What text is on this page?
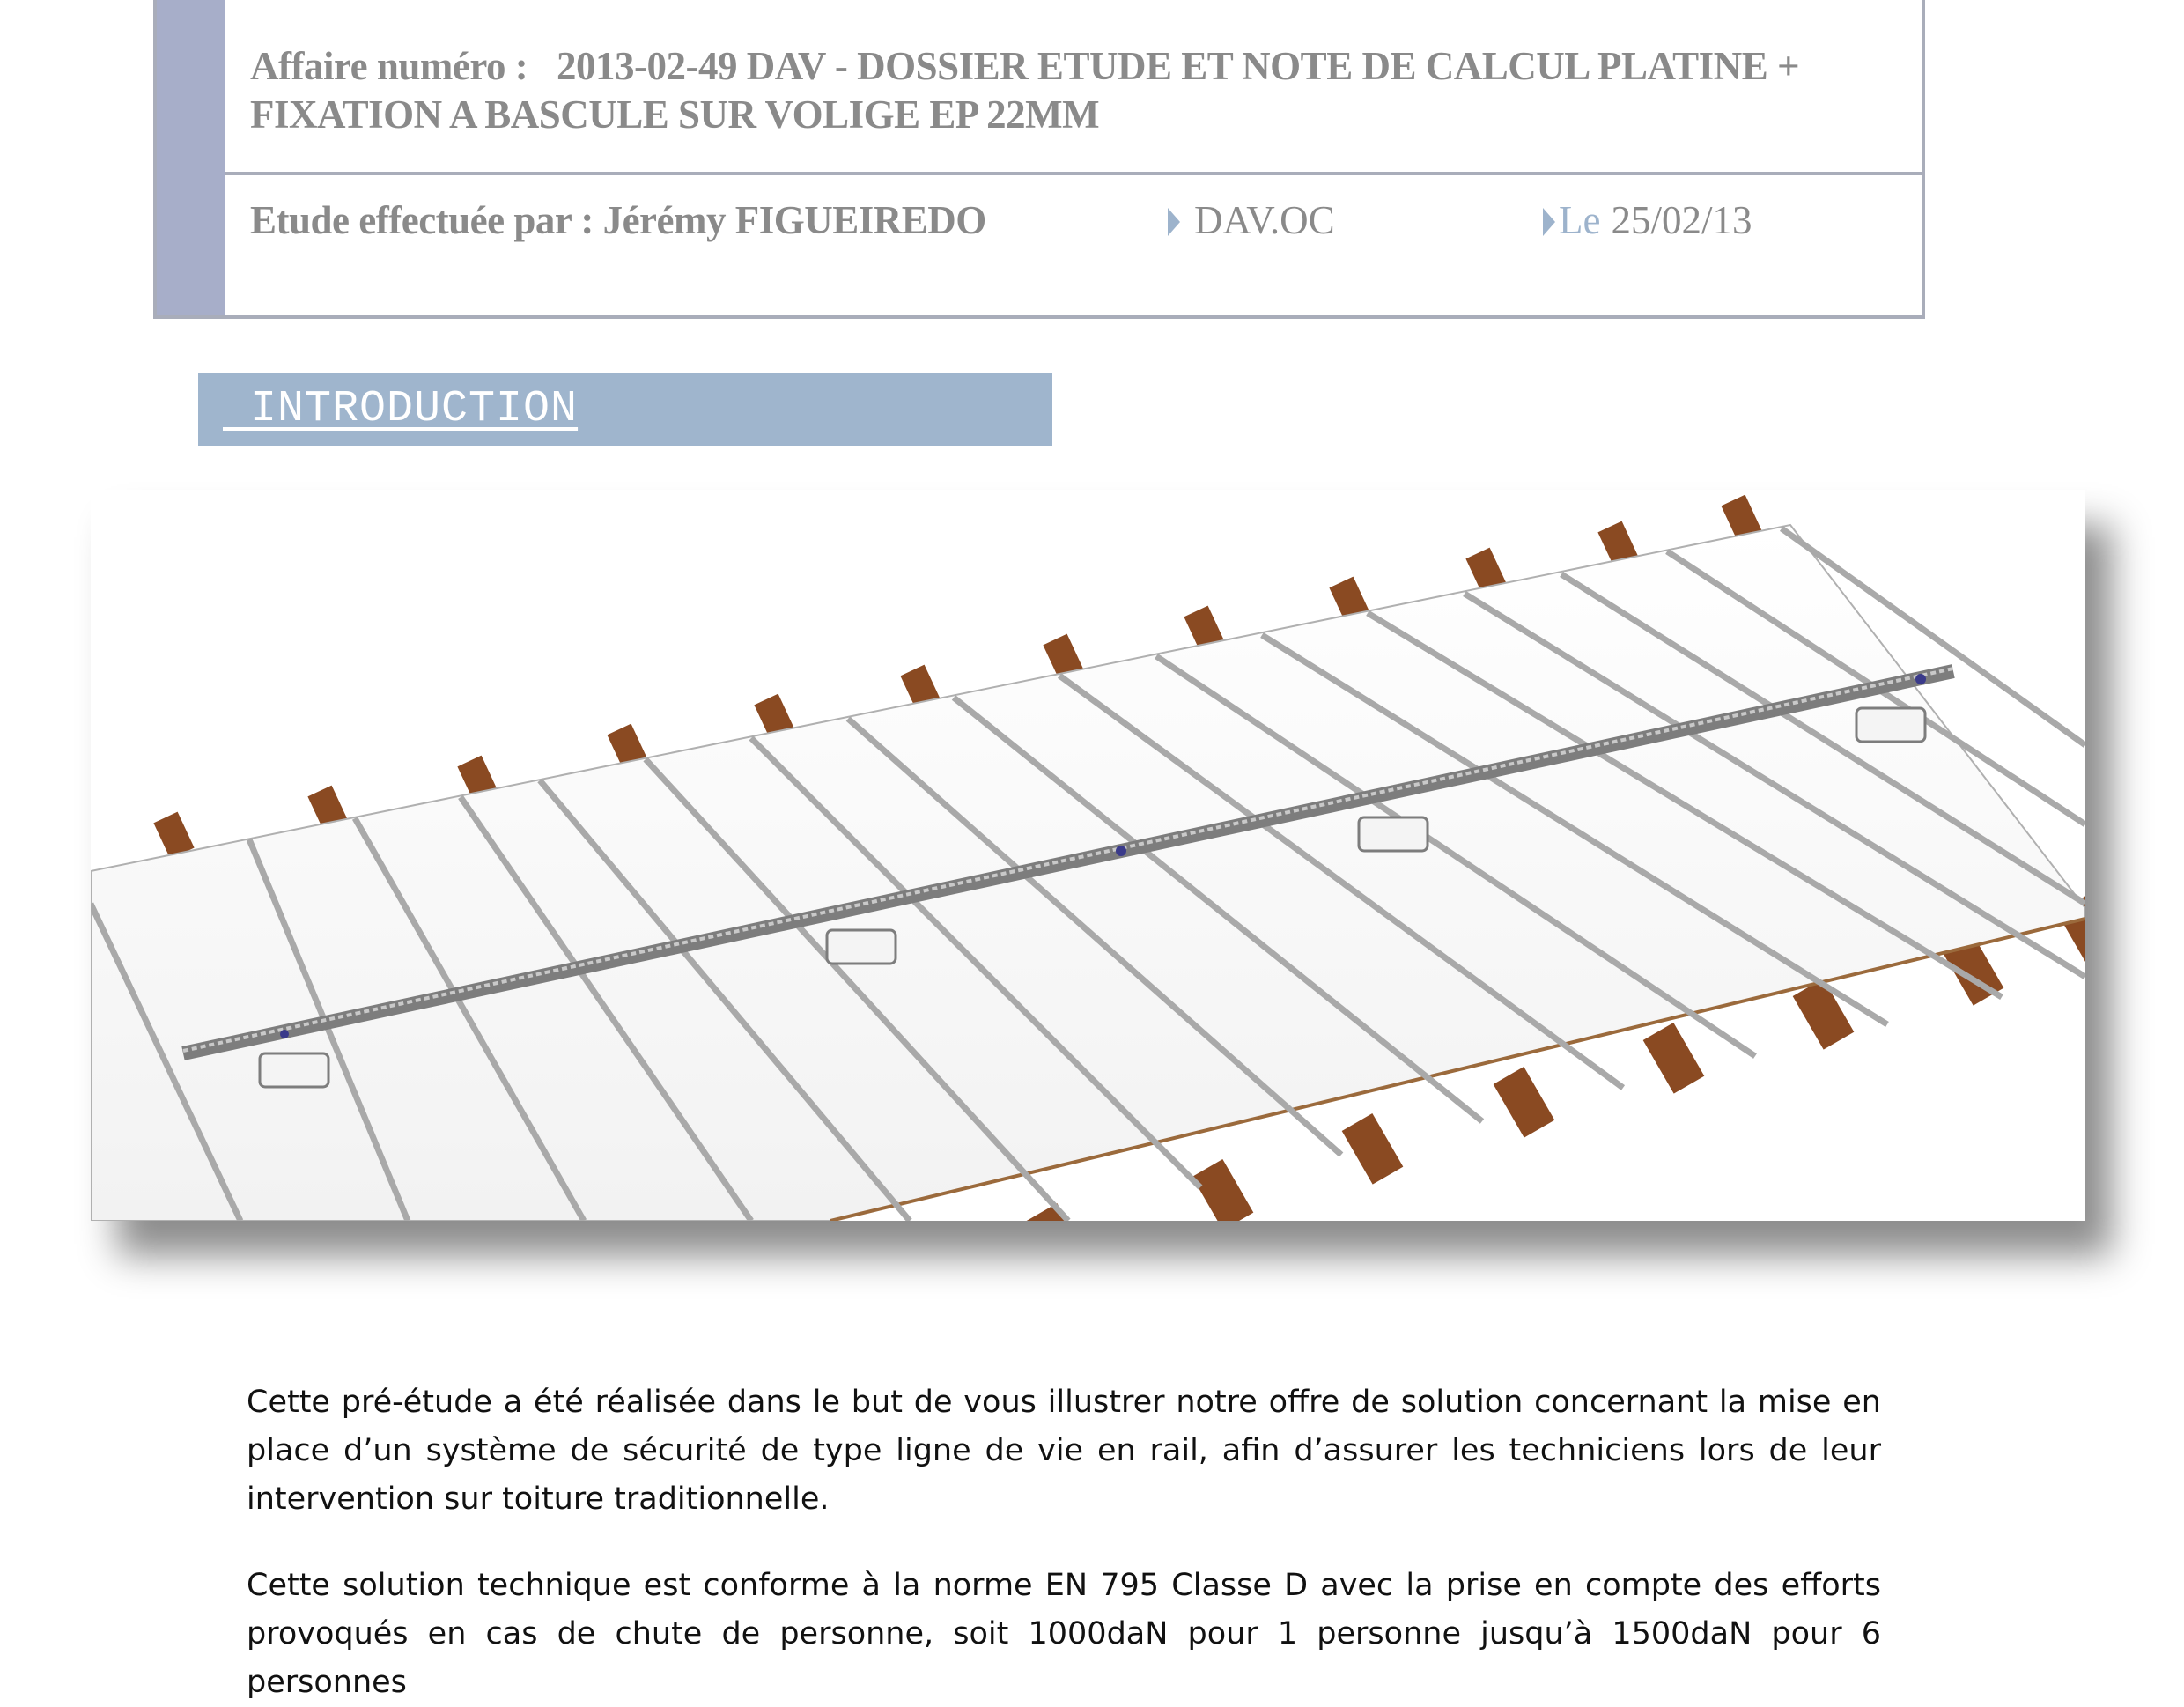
Affaire numéro : 2013-02-49 DAV - DOSSIER ETUDE ET NOTE DE CALCUL PLATINE + FIXATION A BASCULE SUR VOLIGE EP 22MM
Etude effectuée par : Jérémy FIGUEIREDO	DAV.OC	Le 25/02/13
INTRODUCTION

Cette pré-étude a été réalisée dans le but de vous illustrer notre offre de solution concernant la mise en place d’un système de sécurité de type ligne de vie en rail, afin d’assurer les techniciens lors de leur intervention sur toiture traditionnelle.

Cette solution technique est conforme à la norme EN 795 Classe D avec la prise en compte des efforts provoqués en cas de chute de personne, soit 1000daN pour 1 personne jusqu’à 1500daN pour 6 personnes
